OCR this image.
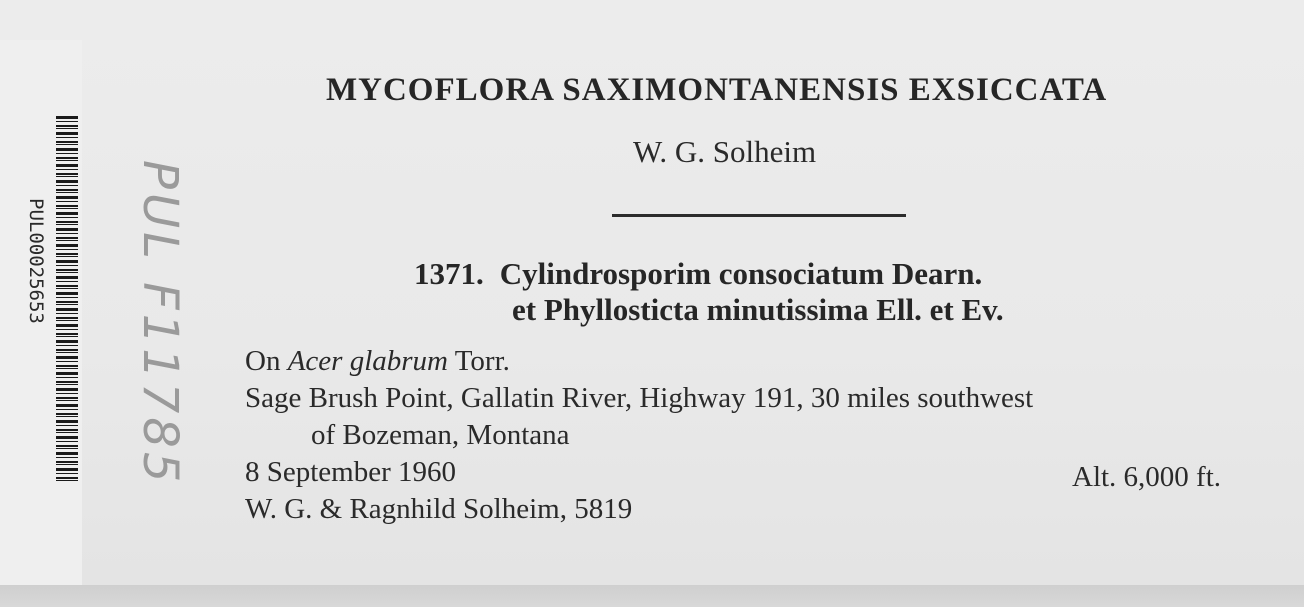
PUL00025653 PUL F11785
MYCOFLORA SAXIMONTANENSIS EXSICCATA
W. G. Solheim
1371. Cylindrosporim consociatum Dearn.
et Phyllosticta minutissima Ell. et Ev.
On Acer glabrum Torr.
Sage Brush Point, Gallatin River, Highway 191, 30 miles southwest
of Bozeman, Montana
8 September 1960
W. G. & Ragnhild Solheim, 5819
Alt. 6,000 ft.
